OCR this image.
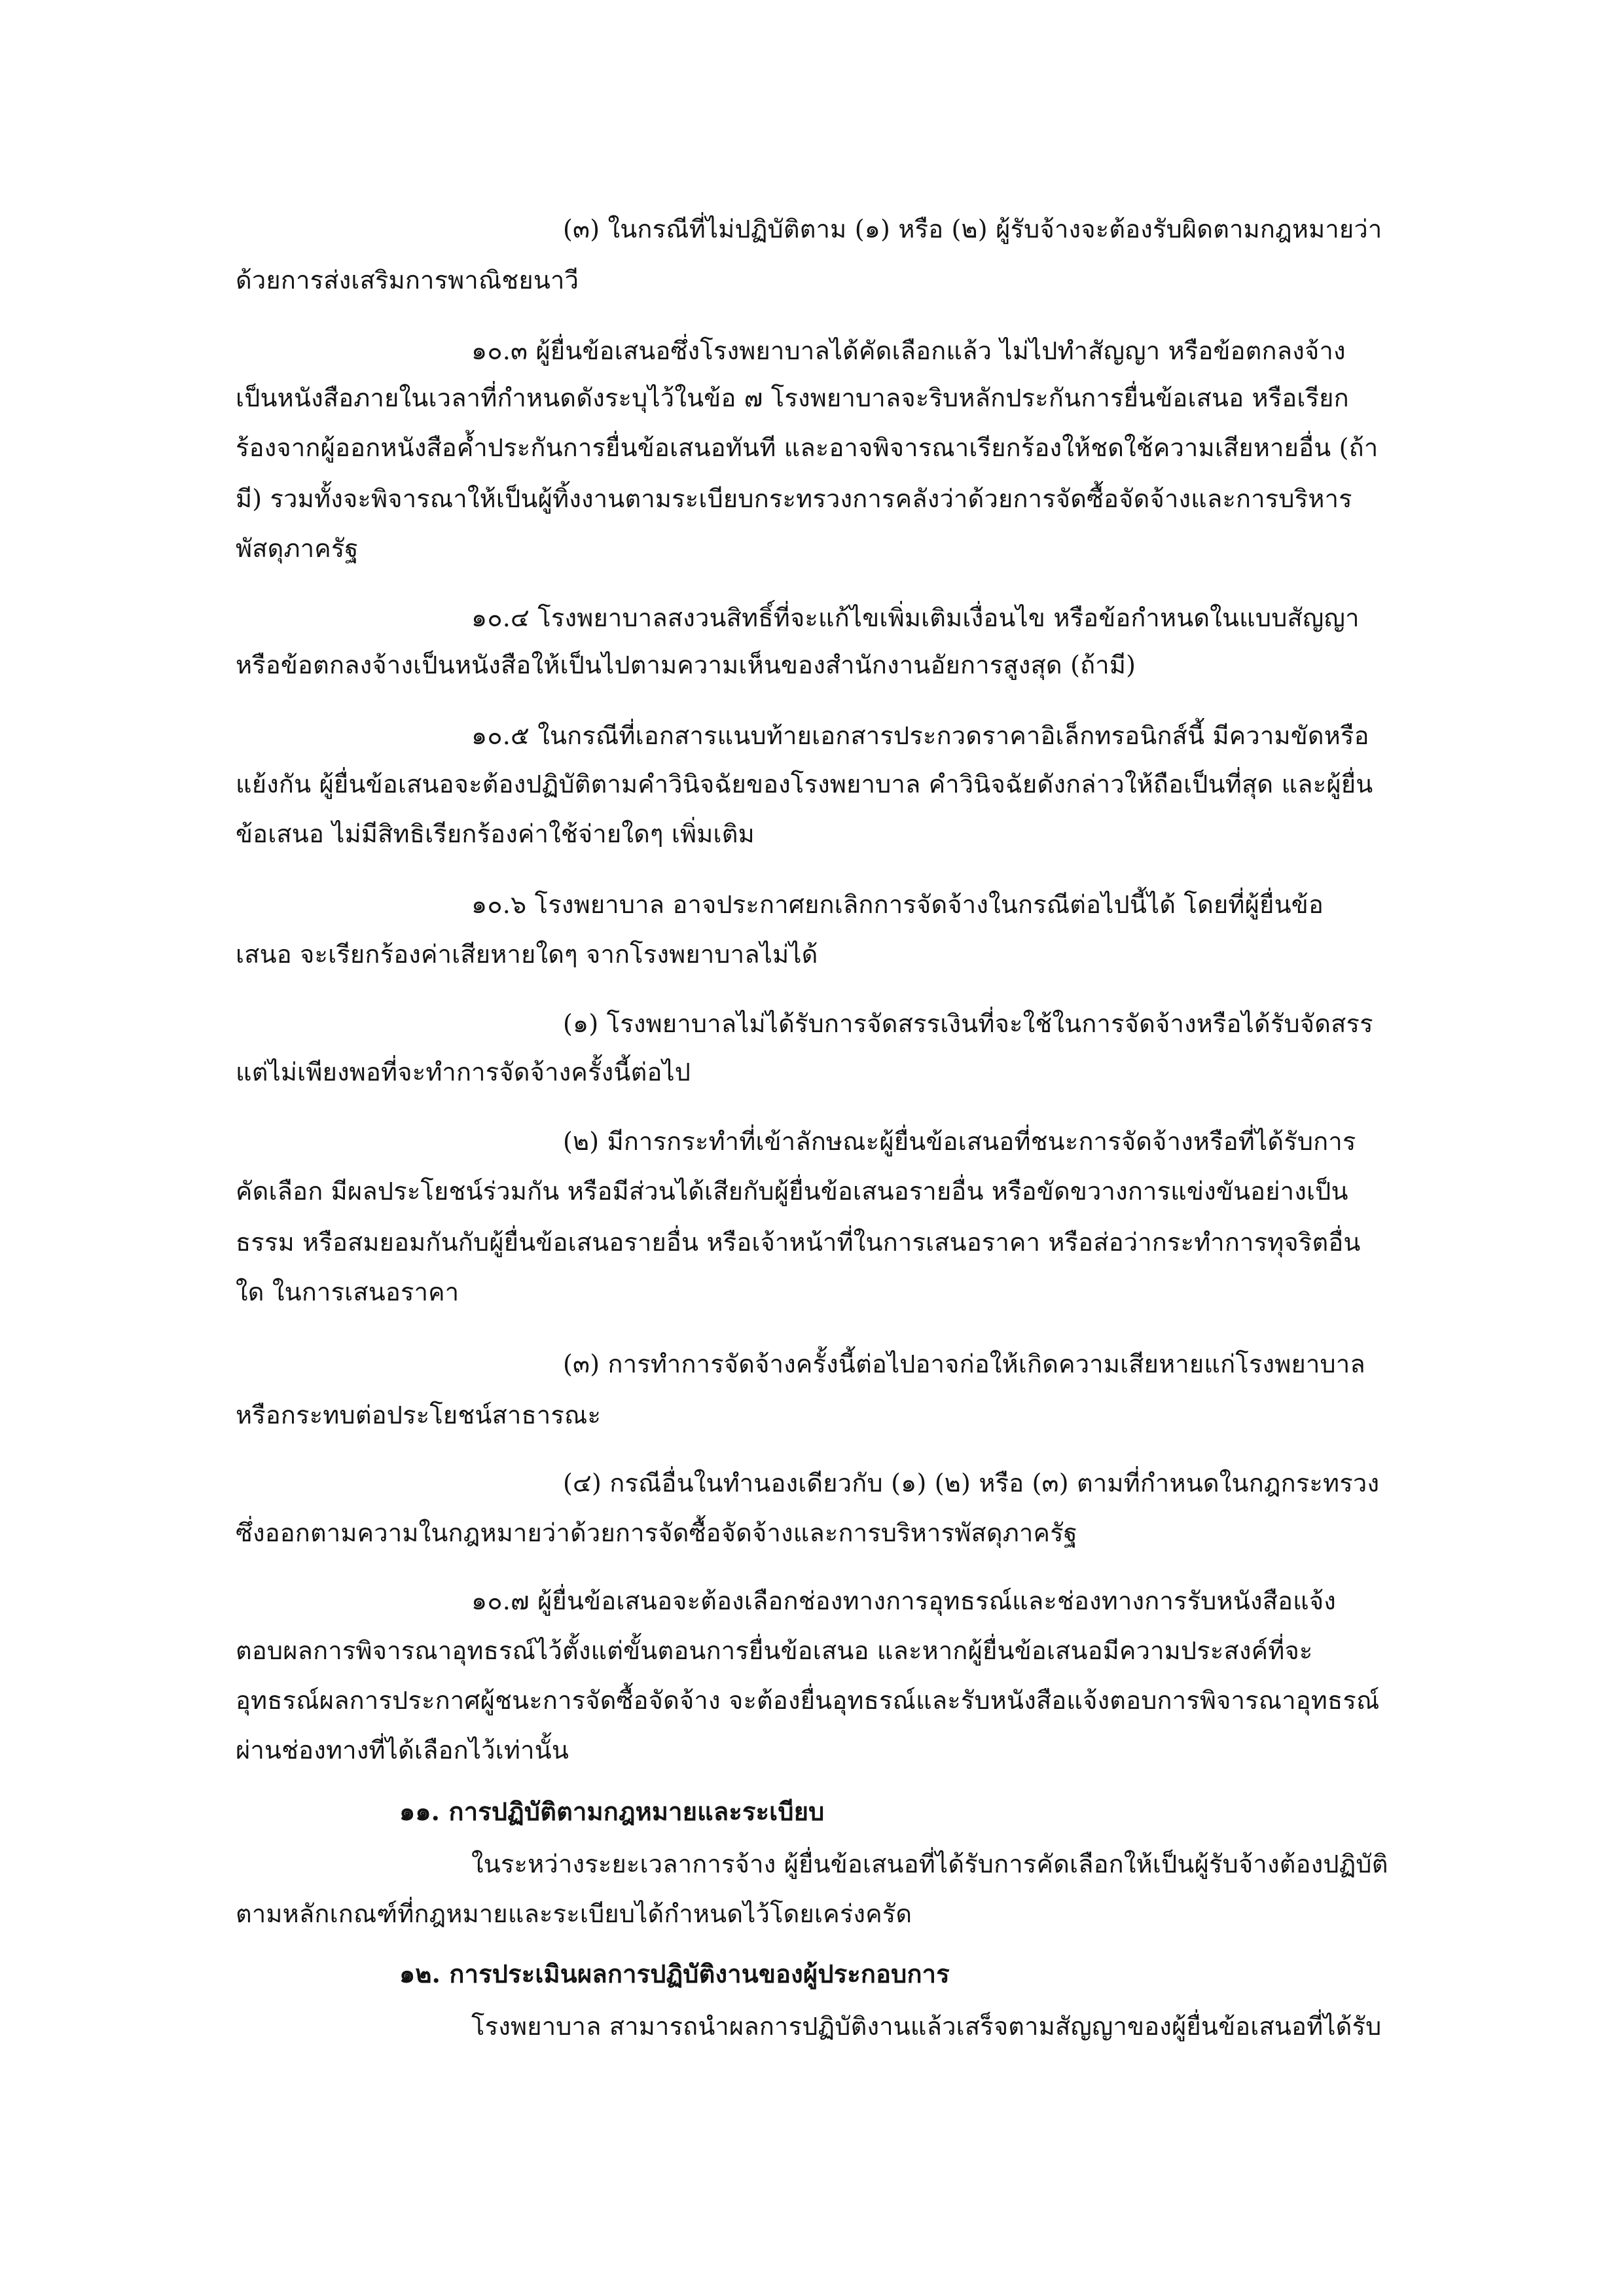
(๓) ในกรณีที่ไม่ปฏิบัติตาม (๑) หรือ (๒) ผู้รับจ้างจะต้องรับผิดตามกฎหมายว่า

ด้วยการส่งเสริมการพาณิชยนาวี

๑๐.๓ ผู้ยื่นข้อเสนอซึ่งโรงพยาบาลได้คัดเลือกแล้ว ไม่ไปทำสัญญา หรือข้อตกลงจ้าง

เป็นหนังสือภายในเวลาที่กำหนดดังระบุไว้ในข้อ ๗ โรงพยาบาลจะริบหลักประกันการยื่นข้อเสนอ หรือเรียก

ร้องจากผู้ออกหนังสือค้ำประกันการยื่นข้อเสนอทันที และอาจพิจารณาเรียกร้องให้ชดใช้ความเสียหายอื่น (ถ้า

มี) รวมทั้งจะพิจารณาให้เป็นผู้ทิ้งงานตามระเบียบกระทรวงการคลังว่าด้วยการจัดซื้อจัดจ้างและการบริหาร

พัสดุภาครัฐ

๑๐.๔ โรงพยาบาลสงวนสิทธิ์ที่จะแก้ไขเพิ่มเติมเงื่อนไข หรือข้อกำหนดในแบบสัญญา

หรือข้อตกลงจ้างเป็นหนังสือให้เป็นไปตามความเห็นของสำนักงานอัยการสูงสุด (ถ้ามี)

๑๐.๕ ในกรณีที่เอกสารแนบท้ายเอกสารประกวดราคาอิเล็กทรอนิกส์นี้ มีความขัดหรือ

แย้งกัน ผู้ยื่นข้อเสนอจะต้องปฏิบัติตามคำวินิจฉัยของโรงพยาบาล คำวินิจฉัยดังกล่าวให้ถือเป็นที่สุด และผู้ยื่น

ข้อเสนอ ไม่มีสิทธิเรียกร้องค่าใช้จ่ายใดๆ เพิ่มเติม

๑๐.๖ โรงพยาบาล อาจประกาศยกเลิกการจัดจ้างในกรณีต่อไปนี้ได้ โดยที่ผู้ยื่นข้อ

เสนอ จะเรียกร้องค่าเสียหายใดๆ จากโรงพยาบาลไม่ได้

(๑) โรงพยาบาลไม่ได้รับการจัดสรรเงินที่จะใช้ในการจัดจ้างหรือได้รับจัดสรร

แต่ไม่เพียงพอที่จะทำการจัดจ้างครั้งนี้ต่อไป

(๒) มีการกระทำที่เข้าลักษณะผู้ยื่นข้อเสนอที่ชนะการจัดจ้างหรือที่ได้รับการ

คัดเลือก มีผลประโยชน์ร่วมกัน หรือมีส่วนได้เสียกับผู้ยื่นข้อเสนอรายอื่น หรือขัดขวางการแข่งขันอย่างเป็น

ธรรม หรือสมยอมกันกับผู้ยื่นข้อเสนอรายอื่น หรือเจ้าหน้าที่ในการเสนอราคา หรือส่อว่ากระทำการทุจริตอื่น

ใด ในการเสนอราคา

(๓) การทำการจัดจ้างครั้งนี้ต่อไปอาจก่อให้เกิดความเสียหายแก่โรงพยาบาล

หรือกระทบต่อประโยชน์สาธารณะ

(๔) กรณีอื่นในทำนองเดียวกับ (๑) (๒) หรือ (๓) ตามที่กำหนดในกฎกระทรวง

ซึ่งออกตามความในกฎหมายว่าด้วยการจัดซื้อจัดจ้างและการบริหารพัสดุภาครัฐ

๑๐.๗ ผู้ยื่นข้อเสนอจะต้องเลือกช่องทางการอุทธรณ์และช่องทางการรับหนังสือแจ้ง

ตอบผลการพิจารณาอุทธรณ์ไว้ตั้งแต่ขั้นตอนการยื่นข้อเสนอ และหากผู้ยื่นข้อเสนอมีความประสงค์ที่จะ

อุทธรณ์ผลการประกาศผู้ชนะการจัดซื้อจัดจ้าง จะต้องยื่นอุทธรณ์และรับหนังสือแจ้งตอบการพิจารณาอุทธรณ์

ผ่านช่องทางที่ได้เลือกไว้เท่านั้น

๑๑. การปฏิบัติตามกฎหมายและระเบียบ

ในระหว่างระยะเวลาการจ้าง ผู้ยื่นข้อเสนอที่ได้รับการคัดเลือกให้เป็นผู้รับจ้างต้องปฏิบัติ

ตามหลักเกณฑ์ที่กฎหมายและระเบียบได้กำหนดไว้โดยเคร่งครัด

๑๒. การประเมินผลการปฏิบัติงานของผู้ประกอบการ

โรงพยาบาล สามารถนำผลการปฏิบัติงานแล้วเสร็จตามสัญญาของผู้ยื่นข้อเสนอที่ได้รับ
